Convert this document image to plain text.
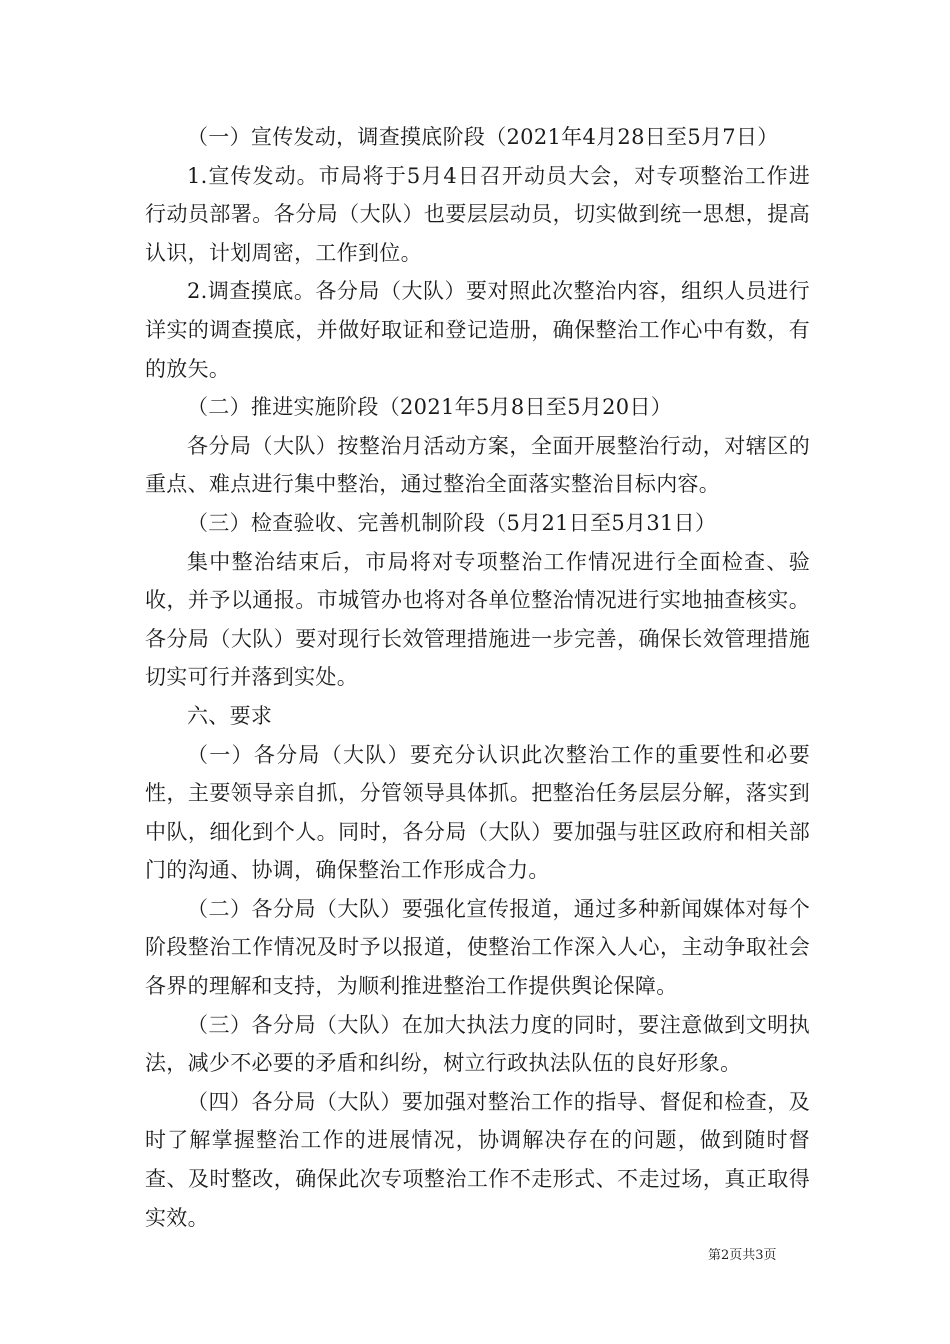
（一）宣传发动，调查摸底阶段（2021年4月28日至5月7日）

1.宣传发动。市局将于5月4日召开动员大会，对专项整治工作进行动员部署。各分局（大队）也要层层动员，切实做到统一思想，提高认识，计划周密，工作到位。

2.调查摸底。各分局（大队）要对照此次整治内容，组织人员进行详实的调查摸底，并做好取证和登记造册，确保整治工作心中有数，有的放矢。

（二）推进实施阶段（2021年5月8日至5月20日）

各分局（大队）按整治月活动方案，全面开展整治行动，对辖区的重点、难点进行集中整治，通过整治全面落实整治目标内容。

（三）检查验收、完善机制阶段（5月21日至5月31日）

集中整治结束后，市局将对专项整治工作情况进行全面检查、验收，并予以通报。市城管办也将对各单位整治情况进行实地抽查核实。各分局（大队）要对现行长效管理措施进一步完善，确保长效管理措施切实可行并落到实处。

六、要求

（一）各分局（大队）要充分认识此次整治工作的重要性和必要性，主要领导亲自抓，分管领导具体抓。把整治任务层层分解，落实到中队，细化到个人。同时，各分局（大队）要加强与驻区政府和相关部门的沟通、协调，确保整治工作形成合力。

（二）各分局（大队）要强化宣传报道，通过多种新闻媒体对每个阶段整治工作情况及时予以报道，使整治工作深入人心，主动争取社会各界的理解和支持，为顺利推进整治工作提供舆论保障。

（三）各分局（大队）在加大执法力度的同时，要注意做到文明执法，减少不必要的矛盾和纠纷，树立行政执法队伍的良好形象。

（四）各分局（大队）要加强对整治工作的指导、督促和检查，及时了解掌握整治工作的进展情况，协调解决存在的问题，做到随时督查、及时整改，确保此次专项整治工作不走形式、不走过场，真正取得实效。

第2页共3页
